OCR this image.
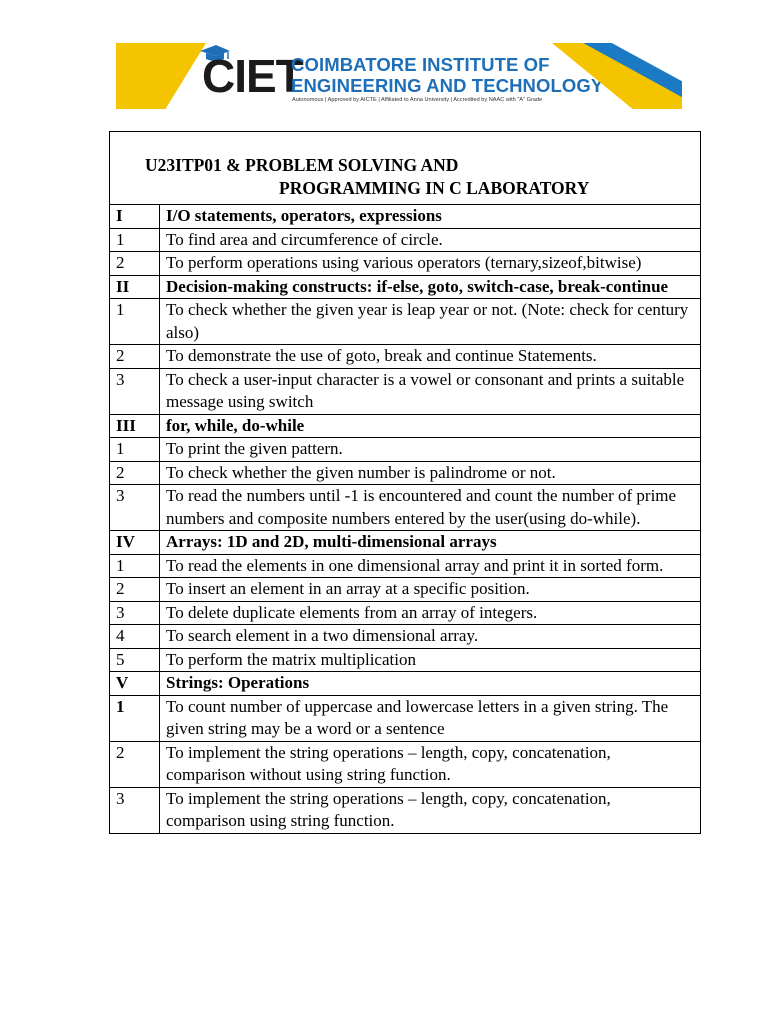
CIET
COIMBATORE INSTITUTE OF
ENGINEERING AND TECHNOLOGY
Autonomous | Approved by AICTE | Affiliated to Anna University | Accredited by NAAC with "A" Grade
U23ITP01 & PROBLEM SOLVING AND
PROGRAMMING IN C LABORATORY	

I	I/O statements, operators, expressions
1	To find area and circumference of circle.
2	To perform operations using various operators (ternary,sizeof,bitwise)
II	Decision-making constructs: if-else, goto, switch-case, break-continue
1	To check whether the given year is leap year or not. (Note: check for century also)
2	To demonstrate the use of goto, break and continue Statements.
3	To check a user-input character is a vowel or consonant and prints a suitable message using switch
III	for, while, do-while
1	To print the given pattern.
2	To check whether the given number is palindrome or not.
3	To read the numbers until -1 is encountered and count the number of prime numbers and composite numbers entered by the user(using do-while).
IV	Arrays: 1D and 2D, multi-dimensional arrays
1	To read the elements in one dimensional array and print it in sorted form.
2	To insert an element in an array at a specific position.
3	To delete duplicate elements from an array of integers.
4	To search element in a two dimensional array.
5	To perform the matrix multiplication
V	Strings: Operations
1	To count number of uppercase and lowercase letters in a given string. The given string may be a word or a sentence
2	To implement the string operations – length, copy, concatenation, comparison without using string function.
3	To implement the string operations – length, copy, concatenation, comparison using string function.
